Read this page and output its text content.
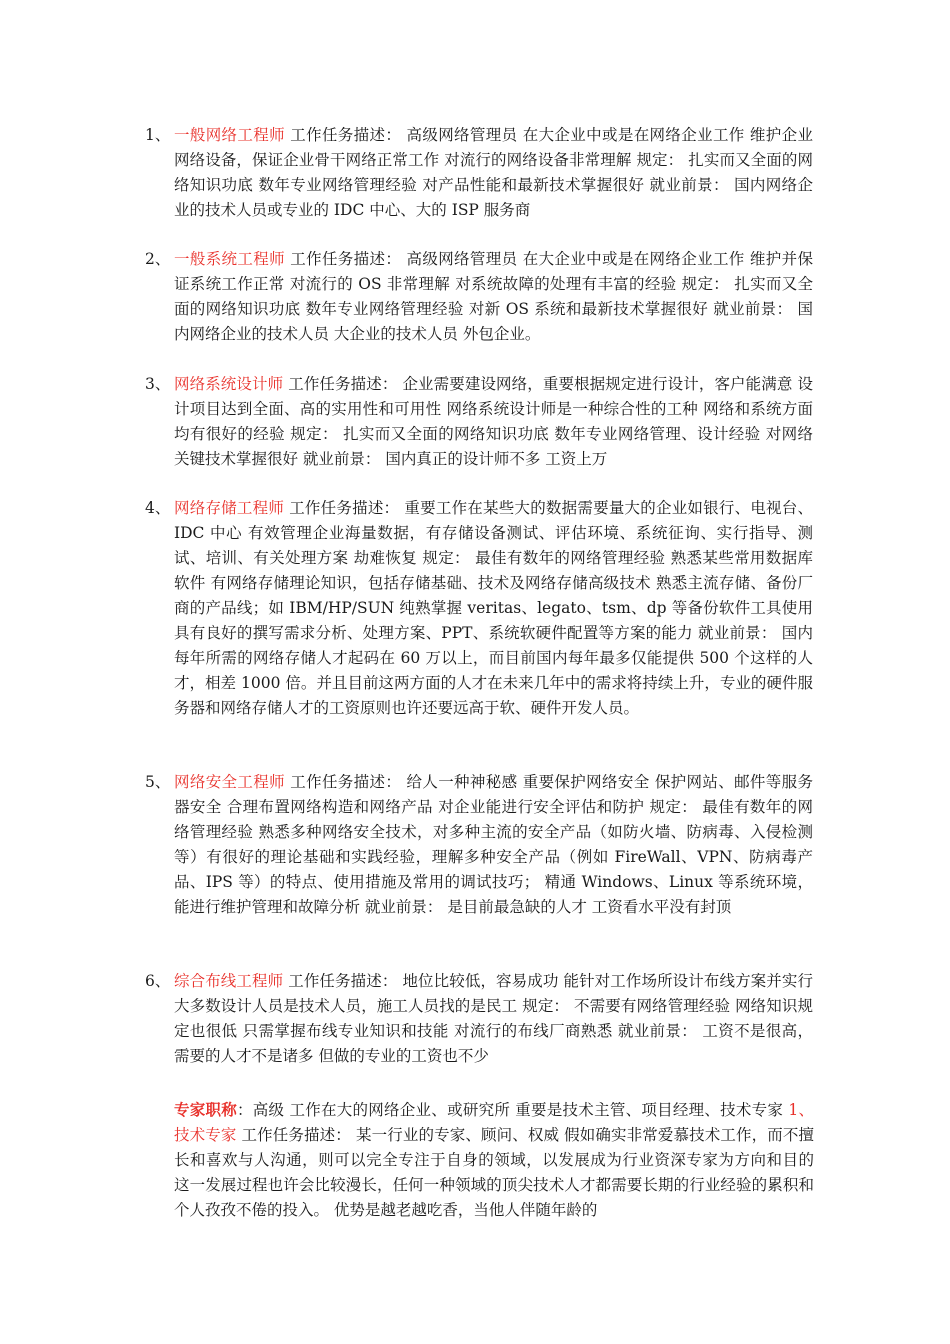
1、 一般网络工程师 工作任务描述： 高级网络管理员 在大企业中或是在网络企业工作 维护企业网络设备，保证企业骨干网络正常工作 对流行的网络设备非常理解 规定： 扎实而又全面的网络知识功底 数年专业网络管理经验 对产品性能和最新技术掌握很好 就业前景： 国内网络企业的技术人员或专业的 IDC 中心、大的 ISP 服务商
2、 一般系统工程师 工作任务描述： 高级网络管理员 在大企业中或是在网络企业工作 维护并保证系统工作正常 对流行的 OS 非常理解 对系统故障的处理有丰富的经验 规定： 扎实而又全面的网络知识功底 数年专业网络管理经验 对新 OS 系统和最新技术掌握很好 就业前景： 国内网络企业的技术人员 大企业的技术人员 外包企业。
3、 网络系统设计师 工作任务描述： 企业需要建设网络，重要根据规定进行设计，客户能满意 设计项目达到全面、高的实用性和可用性 网络系统设计师是一种综合性的工种 网络和系统方面均有很好的经验 规定： 扎实而又全面的网络知识功底 数年专业网络管理、设计经验 对网络关键技术掌握很好 就业前景： 国内真正的设计师不多 工资上万
4、 网络存储工程师 工作任务描述： 重要工作在某些大的数据需要量大的企业如银行、电视台、IDC 中心 有效管理企业海量数据，有存储设备测试、评估环境、系统征询、实行指导、测试、培训、有关处理方案 劫难恢复 规定： 最佳有数年的网络管理经验 熟悉某些常用数据库软件 有网络存储理论知识，包括存储基础、技术及网络存储高级技术 熟悉主流存储、备份厂商的产品线；如 IBM/HP/SUN 纯熟掌握 veritas、legato、tsm、dp 等备份软件工具使用 具有良好的撰写需求分析、处理方案、PPT、系统软硬件配置等方案的能力 就业前景： 国内每年所需的网络存储人才起码在 60 万以上，而目前国内每年最多仅能提供 500 个这样的人才，相差 1000 倍。并且目前这两方面的人才在未来几年中的需求将持续上升，专业的硬件服务器和网络存储人才的工资原则也许还要远高于软、硬件开发人员。
5、 网络安全工程师 工作任务描述： 给人一种神秘感 重要保护网络安全 保护网站、邮件等服务器安全 合理布置网络构造和网络产品 对企业能进行安全评估和防护 规定： 最佳有数年的网络管理经验 熟悉多种网络安全技术，对多种主流的安全产品（如防火墙、防病毒、入侵检测等）有很好的理论基础和实践经验，理解多种安全产品（例如 FireWall、VPN、防病毒产品、IPS 等）的特点、使用措施及常用的调试技巧； 精通 Windows、Linux 等系统环境，能进行维护管理和故障分析 就业前景： 是目前最急缺的人才 工资看水平没有封顶
6、 综合布线工程师 工作任务描述： 地位比较低，容易成功 能针对工作场所设计布线方案并实行 大多数设计人员是技术人员，施工人员找的是民工 规定： 不需要有网络管理经验 网络知识规定也很低 只需掌握布线专业知识和技能 对流行的布线厂商熟悉 就业前景： 工资不是很高，需要的人才不是诸多 但做的专业的工资也不少
专家职称：高级 工作在大的网络企业、或研究所 重要是技术主管、项目经理、技术专家 1、技术专家 工作任务描述： 某一行业的专家、顾问、权威 假如确实非常爱慕技术工作，而不擅长和喜欢与人沟通，则可以完全专注于自身的领域，以发展成为行业资深专家为方向和目的 这一发展过程也许会比较漫长，任何一种领域的顶尖技术人才都需要长期的行业经验的累积和个人孜孜不倦的投入。 优势是越老越吃香，当他人伴随年龄的
